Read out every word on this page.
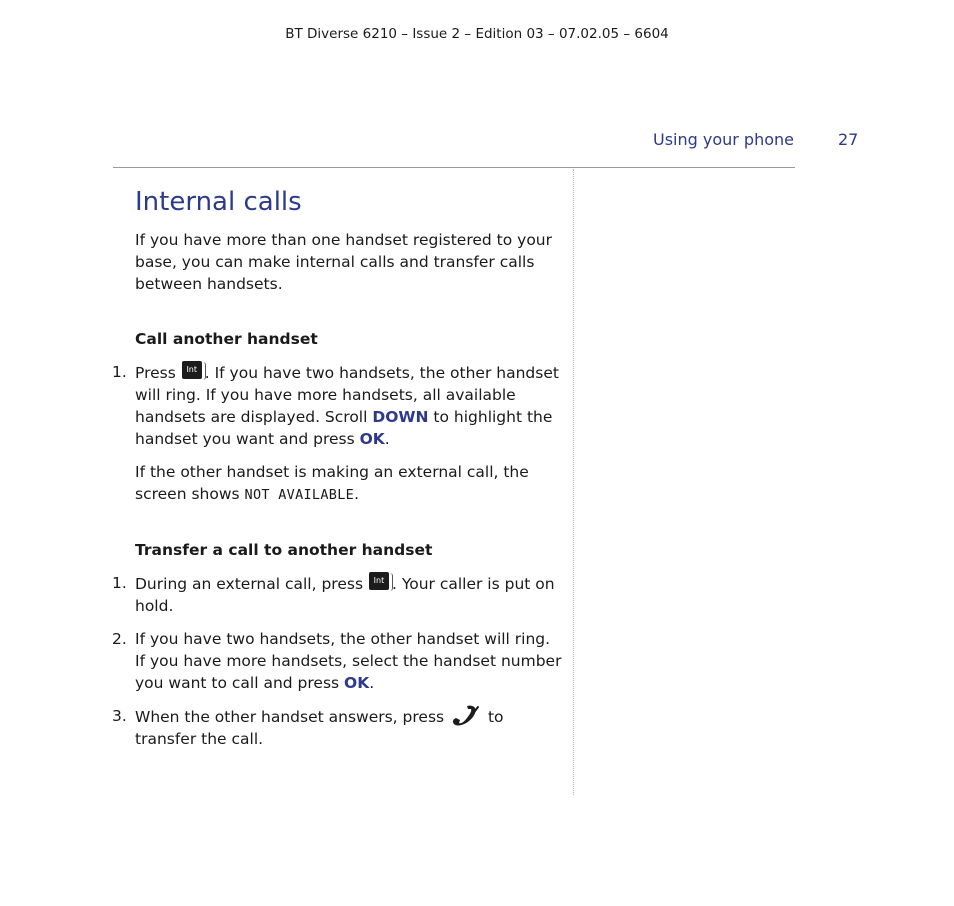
BT Diverse 6210 – Issue 2 – Edition 03 – 07.02.05 – 6604
Using your phone	27
Internal calls

If you have more than one handset registered to your base, you can make internal calls and transfer calls between handsets.

Call another handset

1. Press Int . If you have two handsets, the other handset will ring. If you have more handsets, all available handsets are displayed. Scroll DOWN to highlight the handset you want and press OK.

If the other handset is making an external call, the screen shows NOT AVAILABLE.

Transfer a call to another handset

1. During an external call, press Int . Your caller is put on hold.

2. If you have two handsets, the other handset will ring.
If you have more handsets, select the handset number you want to call and press OK.

3. When the other handset answers, press  to transfer the call.
